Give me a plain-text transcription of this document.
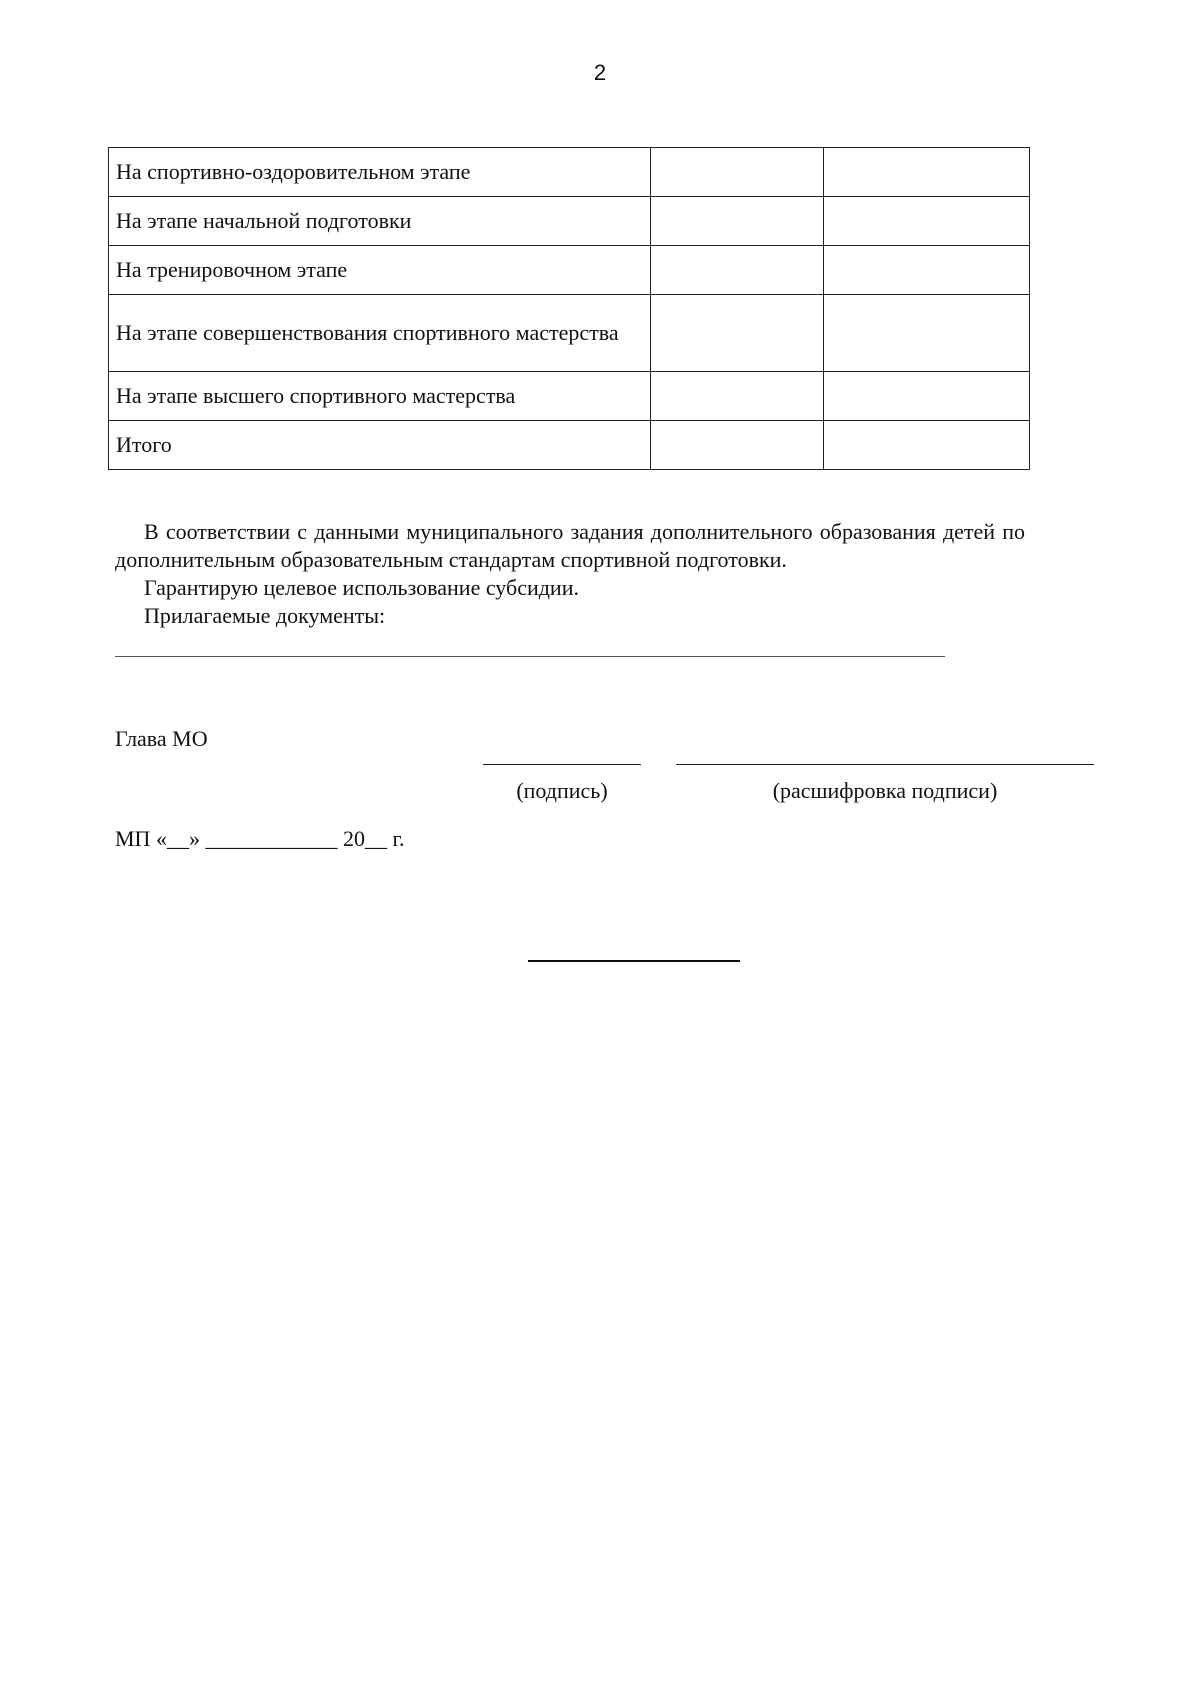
2
На спортивно-оздоровительном этапе		
На этапе начальной подготовки		
На тренировочном этапе		
На этапе совершенствования спортивного мастерства		
На этапе высшего спортивного мастерства		
Итого		

В соответствии с данными муниципального задания дополнительного образования детей по дополнительным образовательным стандартам спортивной подготовки.

Гарантирую целевое использование субсидии.

Прилагаемые документы:

Глава МО
(подпись)	(расшифровка подписи)
МП «__» ____________ 20__ г.
